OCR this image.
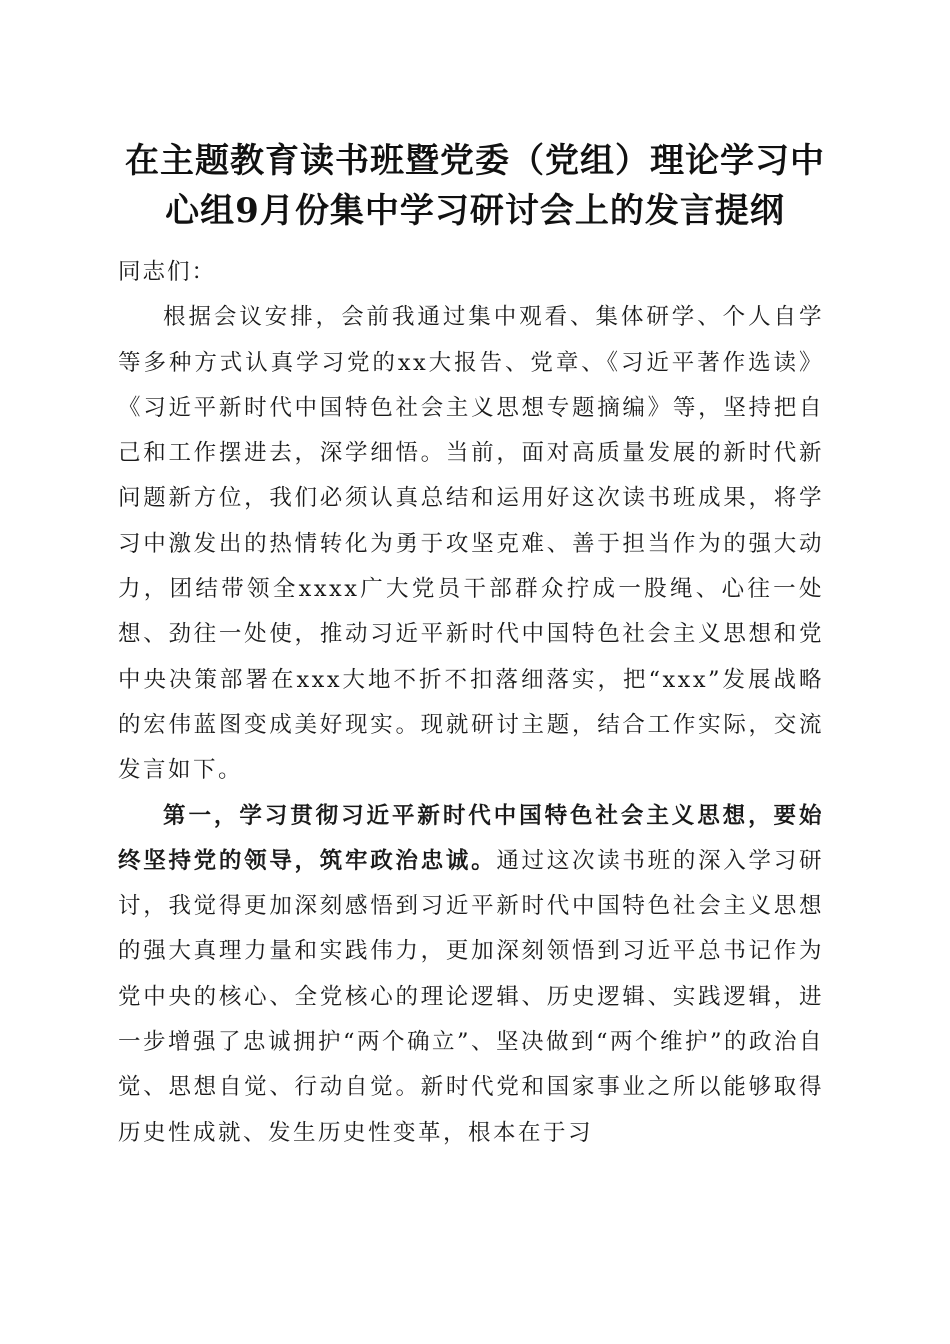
在主题教育读书班暨党委（党组）理论学习中心组9月份集中学习研讨会上的发言提纲

同志们：

根据会议安排，会前我通过集中观看、集体研学、个人自学等多种方式认真学习党的xx大报告、党章、《习近平著作选读》《习近平新时代中国特色社会主义思想专题摘编》等，坚持把自己和工作摆进去，深学细悟。当前，面对高质量发展的新时代新问题新方位，我们必须认真总结和运用好这次读书班成果，将学习中激发出的热情转化为勇于攻坚克难、善于担当作为的强大动力，团结带领全xxxx广大党员干部群众拧成一股绳、心往一处想、劲往一处使，推动习近平新时代中国特色社会主义思想和党中央决策部署在xxx大地不折不扣落细落实，把“xxx”发展战略的宏伟蓝图变成美好现实。现就研讨主题，结合工作实际，交流发言如下。

第一，学习贯彻习近平新时代中国特色社会主义思想，要始终坚持党的领导，筑牢政治忠诚。通过这次读书班的深入学习研讨，我觉得更加深刻感悟到习近平新时代中国特色社会主义思想的强大真理力量和实践伟力，更加深刻领悟到习近平总书记作为党中央的核心、全党核心的理论逻辑、历史逻辑、实践逻辑，进一步增强了忠诚拥护“两个确立”、坚决做到“两个维护”的政治自觉、思想自觉、行动自觉。新时代党和国家事业之所以能够取得历史性成就、发生历史性变革，根本在于习
